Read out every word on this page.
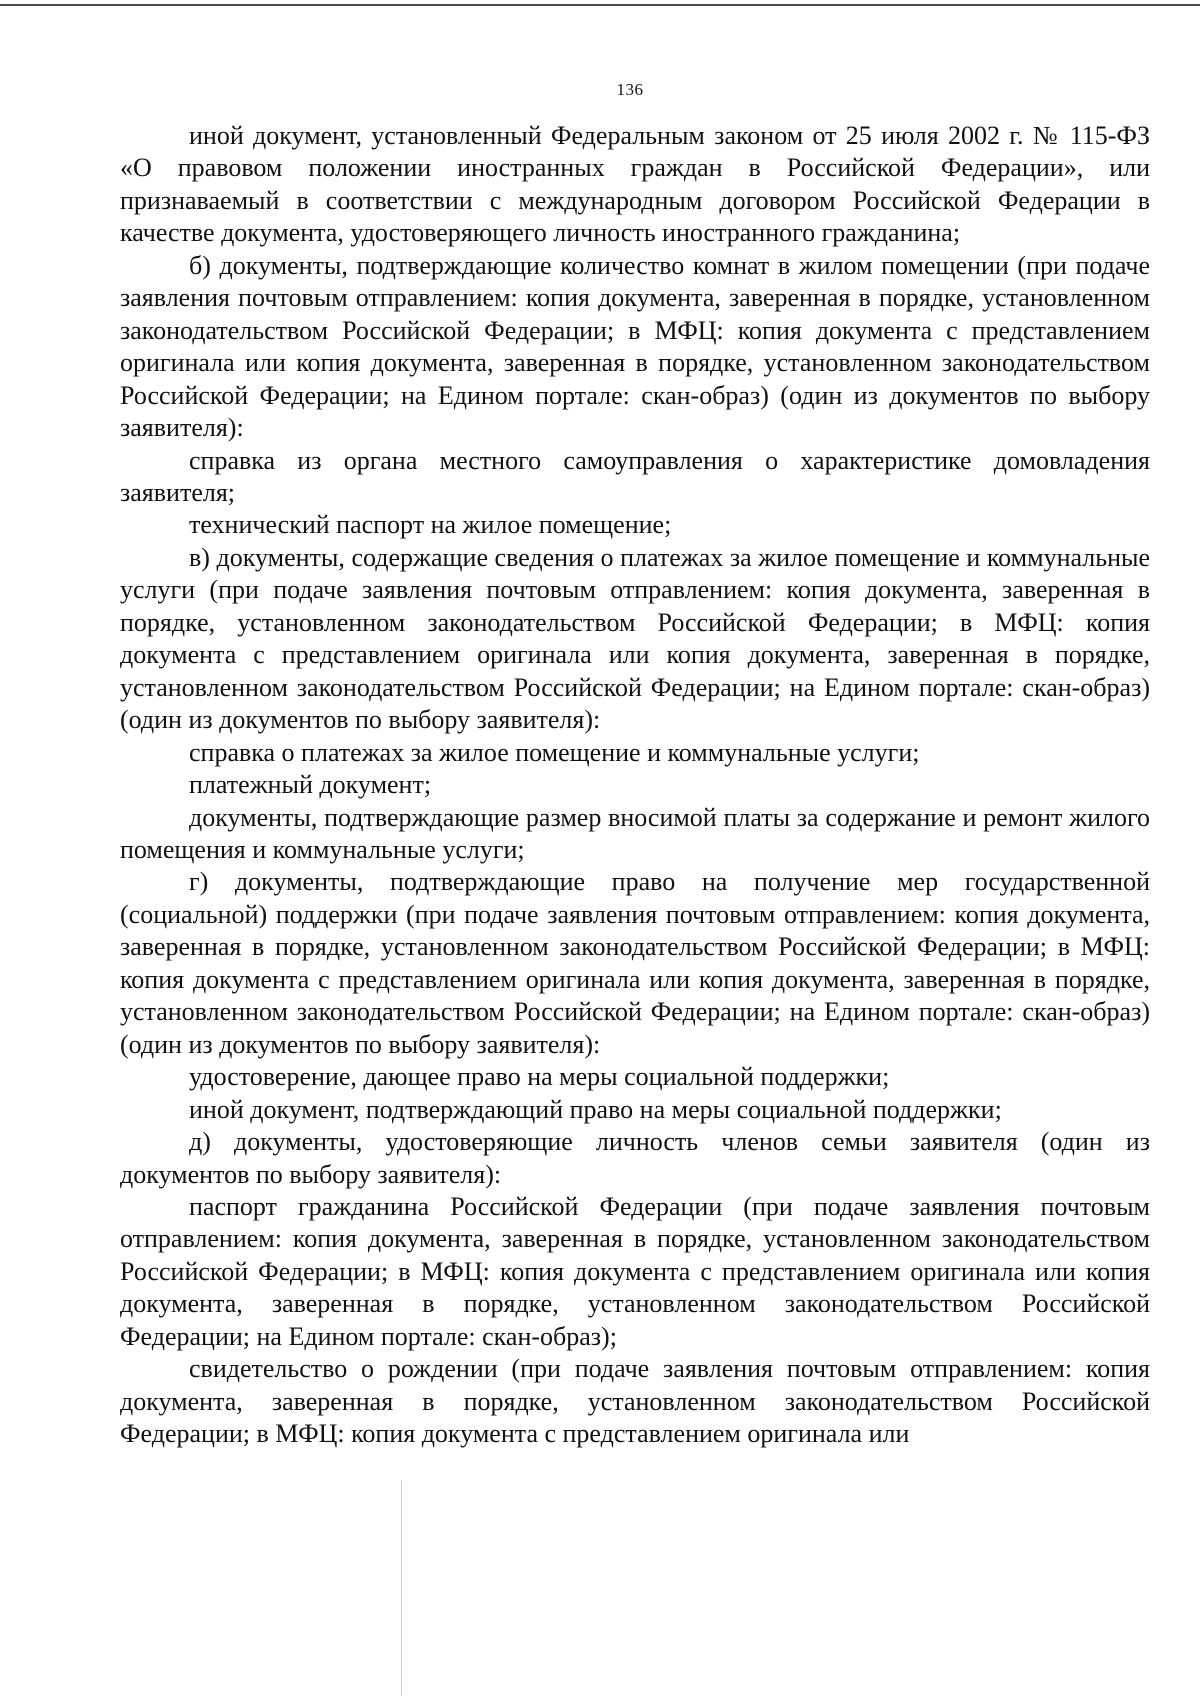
136

иной документ, установленный Федеральным законом от 25 июля 2002 г. № 115-ФЗ «О правовом положении иностранных граждан в Российской Федерации», или признаваемый в соответствии с международным договором Российской Федерации в качестве документа, удостоверяющего личность иностранного гражданина;

б) документы, подтверждающие количество комнат в жилом помещении (при подаче заявления почтовым отправлением: копия документа, заверенная в порядке, установленном законодательством Российской Федерации; в МФЦ: копия документа с представлением оригинала или копия документа, заверенная в порядке, установленном законодательством Российской Федерации; на Едином портале: скан-образ) (один из документов по выбору заявителя):

справка из органа местного самоуправления о характеристике домовладения заявителя;

технический паспорт на жилое помещение;

в) документы, содержащие сведения о платежах за жилое помещение и коммунальные услуги (при подаче заявления почтовым отправлением: копия документа, заверенная в порядке, установленном законодательством Российской Федерации; в МФЦ: копия документа с представлением оригинала или копия документа, заверенная в порядке, установленном законодательством Российской Федерации; на Едином портале: скан-образ) (один из документов по выбору заявителя):

справка о платежах за жилое помещение и коммунальные услуги;

платежный документ;

документы, подтверждающие размер вносимой платы за содержание и ремонт жилого помещения и коммунальные услуги;

г) документы, подтверждающие право на получение мер государственной (социальной) поддержки (при подаче заявления почтовым отправлением: копия документа, заверенная в порядке, установленном законодательством Российской Федерации; в МФЦ: копия документа с представлением оригинала или копия документа, заверенная в порядке, установленном законодательством Российской Федерации; на Едином портале: скан-образ) (один из документов по выбору заявителя):

удостоверение, дающее право на меры социальной поддержки;

иной документ, подтверждающий право на меры социальной поддержки;

д) документы, удостоверяющие личность членов семьи заявителя (один из документов по выбору заявителя):

паспорт гражданина Российской Федерации (при подаче заявления почтовым отправлением: копия документа, заверенная в порядке, установленном законодательством Российской Федерации; в МФЦ: копия документа с представлением оригинала или копия документа, заверенная в порядке, установленном законодательством Российской Федерации; на Едином портале: скан-образ);

свидетельство о рождении (при подаче заявления почтовым отправлением: копия документа, заверенная в порядке, установленном законодательством Российской Федерации; в МФЦ: копия документа с представлением оригинала или
